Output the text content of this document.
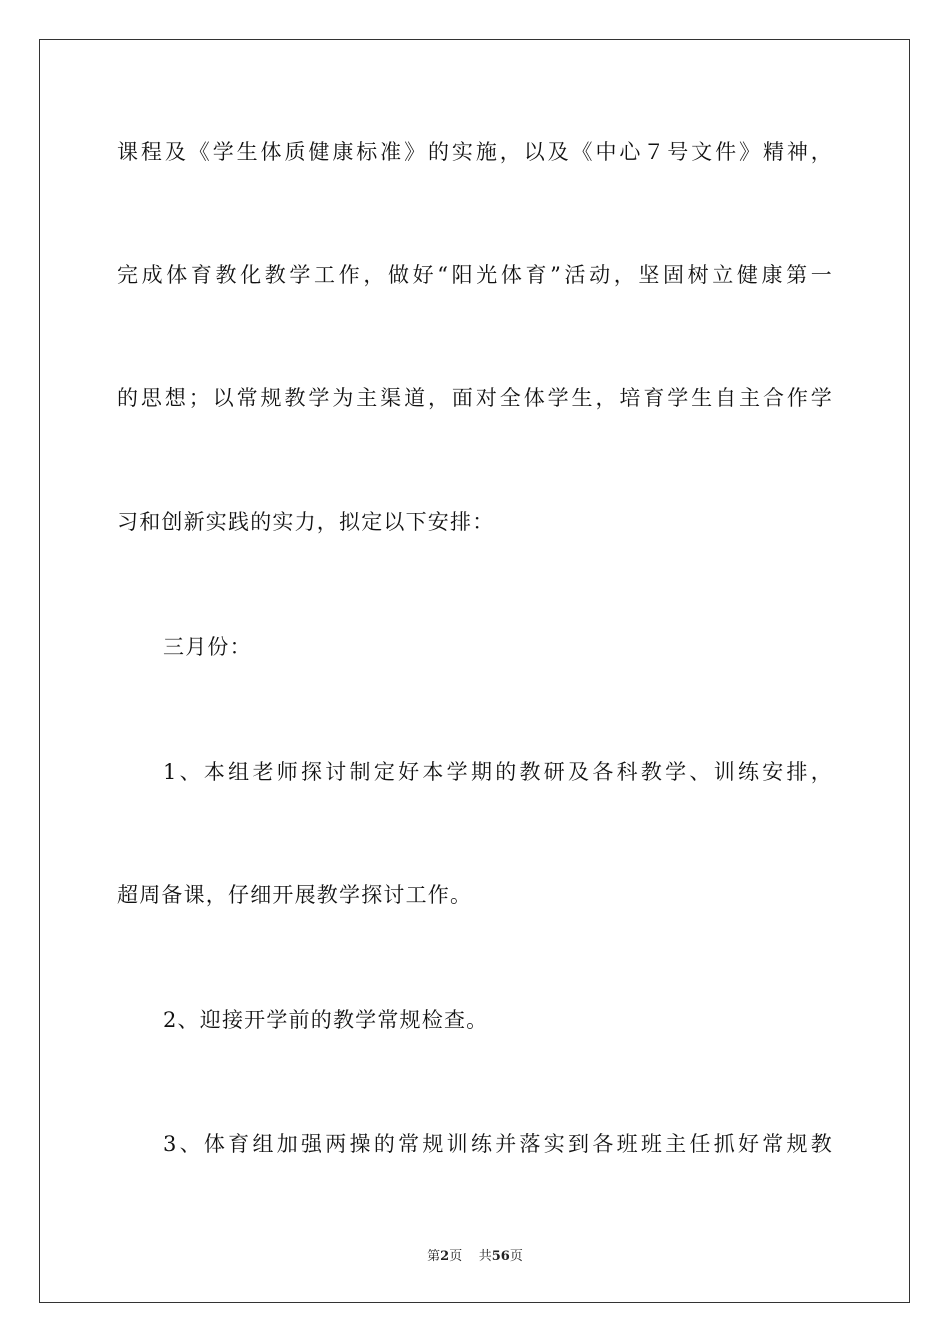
课程及《学生体质健康标准》的实施，以及《中心７号文件》精神，
完成体育教化教学工作，做好“阳光体育”活动，坚固树立健康第一
的思想；以常规教学为主渠道，面对全体学生，培育学生自主合作学
习和创新实践的实力，拟定以下安排：
三月份：
1、本组老师探讨制定好本学期的教研及各科教学、训练安排，
超周备课，仔细开展教学探讨工作。
2、迎接开学前的教学常规检查。
3、体育组加强两操的常规训练并落实到各班班主任抓好常规教
第2页 共56页
